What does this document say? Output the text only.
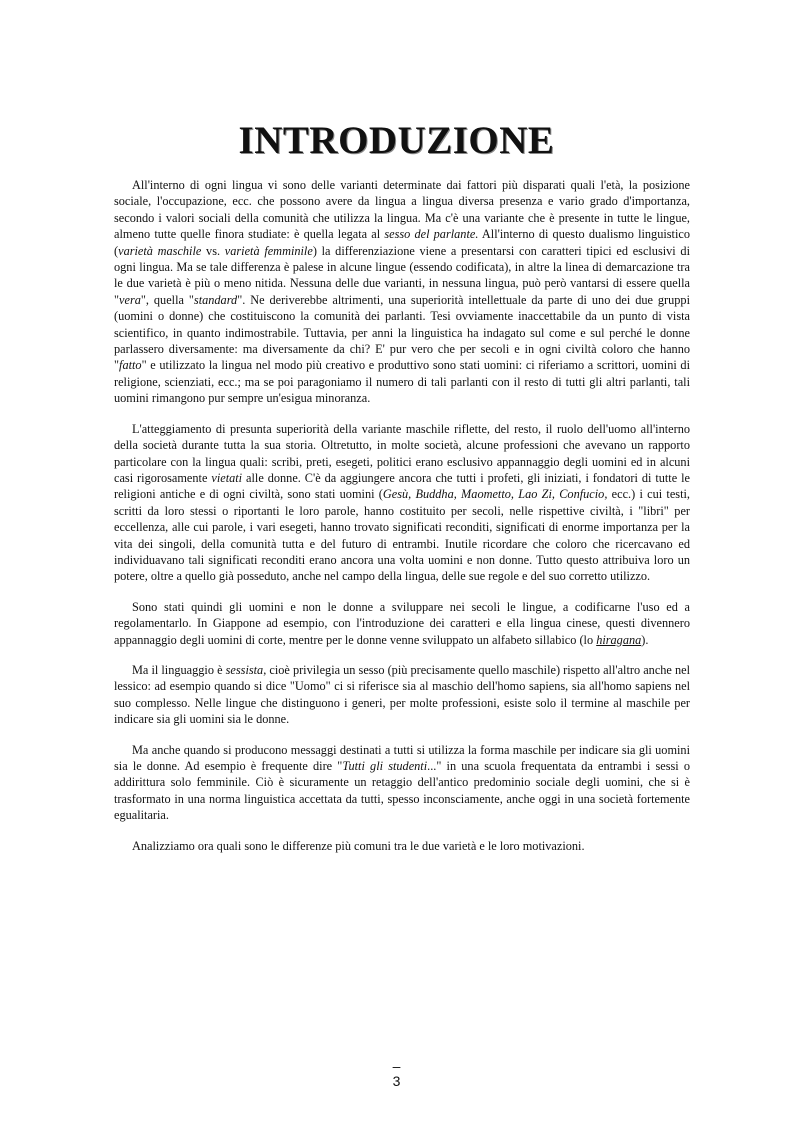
INTRODUZIONE

All'interno di ogni lingua vi sono delle varianti determinate dai fattori più disparati quali l'età, la posizione sociale, l'occupazione, ecc. che possono avere da lingua a lingua diversa presenza e vario grado d'importanza, secondo i valori sociali della comunità che utilizza la lingua. Ma c'è una variante che è presente in tutte le lingue, almeno tutte quelle finora studiate: è quella legata al sesso del parlante. All'interno di questo dualismo linguistico (varietà maschile vs. varietà femminile) la differenziazione viene a presentarsi con caratteri tipici ed esclusivi di ogni lingua. Ma se tale differenza è palese in alcune lingue (essendo codificata), in altre la linea di demarcazione tra le due varietà è più o meno nitida. Nessuna delle due varianti, in nessuna lingua, può però vantarsi di essere quella "vera", quella "standard". Ne deriverebbe altrimenti, una superiorità intellettuale da parte di uno dei due gruppi (uomini o donne) che costituiscono la comunità dei parlanti. Tesi ovviamente inaccettabile da un punto di vista scientifico, in quanto indimostrabile. Tuttavia, per anni la linguistica ha indagato sul come e sul perché le donne parlassero diversamente: ma diversamente da chi? E' pur vero che per secoli e in ogni civiltà coloro che hanno "fatto" e utilizzato la lingua nel modo più creativo e produttivo sono stati uomini: ci riferiamo a scrittori, uomini di religione, scienziati, ecc.; ma se poi paragoniamo il numero di tali parlanti con il resto di tutti gli altri parlanti, tali uomini rimangono pur sempre un'esigua minoranza.

L'atteggiamento di presunta superiorità della variante maschile riflette, del resto, il ruolo dell'uomo all'interno della società durante tutta la sua storia. Oltretutto, in molte società, alcune professioni che avevano un rapporto particolare con la lingua quali: scribi, preti, esegeti, politici erano esclusivo appannaggio degli uomini ed in alcuni casi rigorosamente vietati alle donne. C'è da aggiungere ancora che tutti i profeti, gli iniziati, i fondatori di tutte le religioni antiche e di ogni civiltà, sono stati uomini (Gesù, Buddha, Maometto, Lao Zi, Confucio, ecc.) i cui testi, scritti da loro stessi o riportanti le loro parole, hanno costituito per secoli, nelle rispettive civiltà, i "libri" per eccellenza, alle cui parole, i vari esegeti, hanno trovato significati reconditi, significati di enorme importanza per la vita dei singoli, della comunità tutta e del futuro di entrambi. Inutile ricordare che coloro che ricercavano ed individuavano tali significati reconditi erano ancora una volta uomini e non donne. Tutto questo attribuiva loro un potere, oltre a quello già posseduto, anche nel campo della lingua, delle sue regole e del suo corretto utilizzo.

Sono stati quindi gli uomini e non le donne a sviluppare nei secoli le lingue, a codificarne l'uso ed a regolamentarlo. In Giappone ad esempio, con l'introduzione dei caratteri e ella lingua cinese, questi divennero appannaggio degli uomini di corte, mentre per le donne venne sviluppato un alfabeto sillabico (lo hiragana).

Ma il linguaggio è sessista, cioè privilegia un sesso (più precisamente quello maschile) rispetto all'altro anche nel lessico: ad esempio quando si dice "Uomo" ci si riferisce sia al maschio dell'homo sapiens, sia all'homo sapiens nel suo complesso. Nelle lingue che distinguono i generi, per molte professioni, esiste solo il termine al maschile per indicare sia gli uomini sia le donne.

Ma anche quando si producono messaggi destinati a tutti si utilizza la forma maschile per indicare sia gli uomini sia le donne. Ad esempio è frequente dire "Tutti gli studenti..." in una scuola frequentata da entrambi i sessi o addirittura solo femminile. Ciò è sicuramente un retaggio dell'antico predominio sociale degli uomini, che si è trasformato in una norma linguistica accettata da tutti, spesso inconsciamente, anche oggi in una società fortemente egualitaria.

Analizziamo ora quali sono le differenze più comuni tra le due varietà e le loro motivazioni.

–
3
